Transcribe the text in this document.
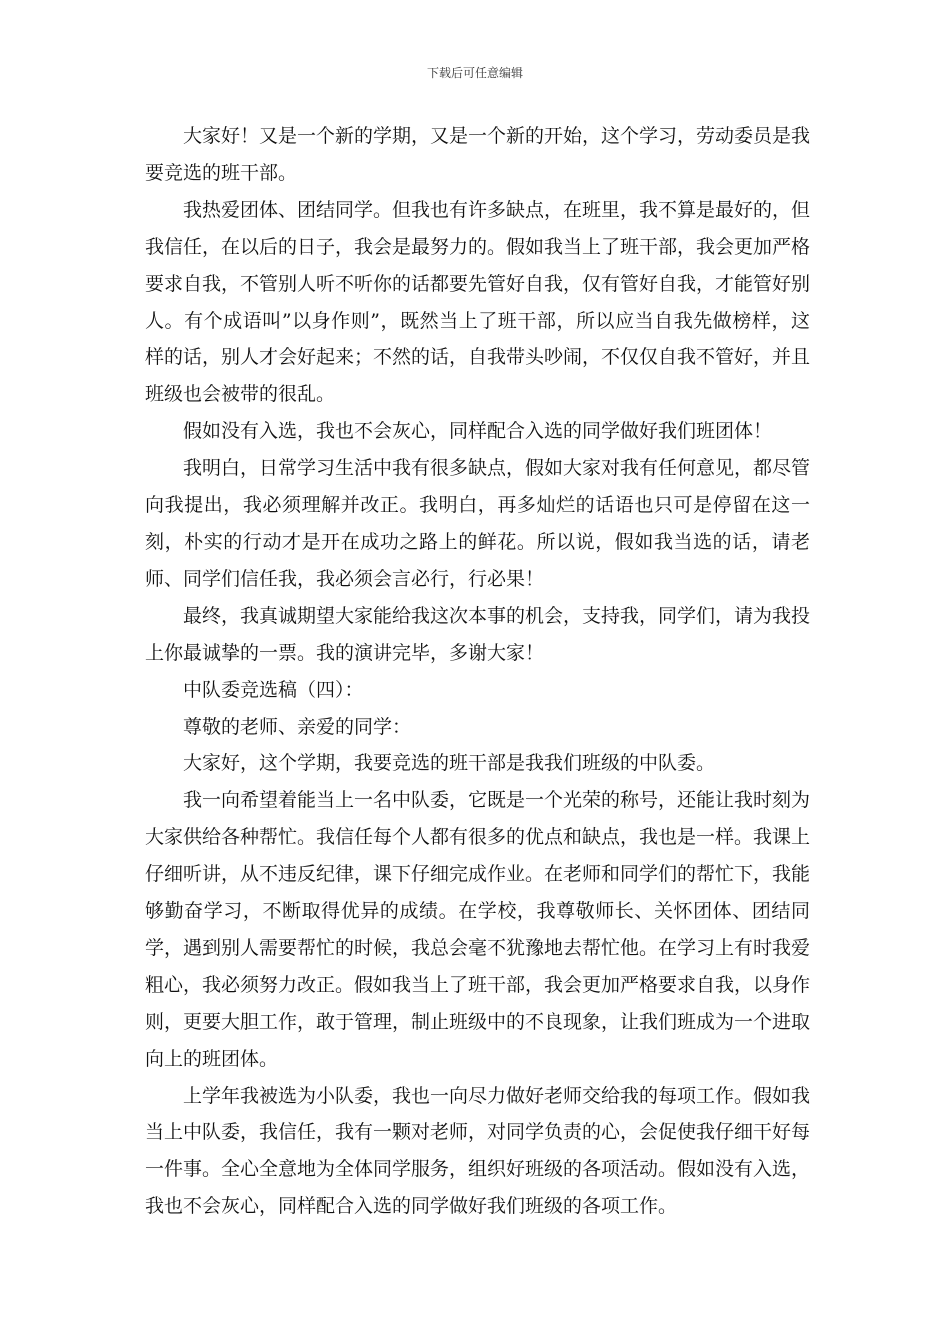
下载后可任意编辑

大家好！又是一个新的学期，又是一个新的开始，这个学习，劳动委员是我要竞选的班干部。

我热爱团体、团结同学。但我也有许多缺点，在班里，我不算是最好的，但我信任，在以后的日子，我会是最努力的。假如我当上了班干部，我会更加严格要求自我，不管别人听不听你的话都要先管好自我，仅有管好自我，才能管好别人。有个成语叫”以身作则”，既然当上了班干部，所以应当自我先做榜样，这样的话，别人才会好起来；不然的话，自我带头吵闹，不仅仅自我不管好，并且班级也会被带的很乱。

假如没有入选，我也不会灰心，同样配合入选的同学做好我们班团体！

我明白，日常学习生活中我有很多缺点，假如大家对我有任何意见，都尽管向我提出，我必须理解并改正。我明白，再多灿烂的话语也只可是停留在这一刻，朴实的行动才是开在成功之路上的鲜花。所以说，假如我当选的话，请老师、同学们信任我，我必须会言必行，行必果！

最终，我真诚期望大家能给我这次本事的机会，支持我，同学们，请为我投上你最诚挚的一票。我的演讲完毕，多谢大家！

中队委竞选稿（四）：

尊敬的老师、亲爱的同学：

大家好，这个学期，我要竞选的班干部是我我们班级的中队委。

我一向希望着能当上一名中队委，它既是一个光荣的称号，还能让我时刻为大家供给各种帮忙。我信任每个人都有很多的优点和缺点，我也是一样。我课上仔细听讲，从不违反纪律，课下仔细完成作业。在老师和同学们的帮忙下，我能够勤奋学习，不断取得优异的成绩。在学校，我尊敬师长、关怀团体、团结同学，遇到别人需要帮忙的时候，我总会毫不犹豫地去帮忙他。在学习上有时我爱粗心，我必须努力改正。假如我当上了班干部，我会更加严格要求自我，以身作则，更要大胆工作，敢于管理，制止班级中的不良现象，让我们班成为一个进取向上的班团体。

上学年我被选为小队委，我也一向尽力做好老师交给我的每项工作。假如我当上中队委，我信任，我有一颗对老师，对同学负责的心，会促使我仔细干好每一件事。全心全意地为全体同学服务，组织好班级的各项活动。假如没有入选，我也不会灰心，同样配合入选的同学做好我们班级的各项工作。
